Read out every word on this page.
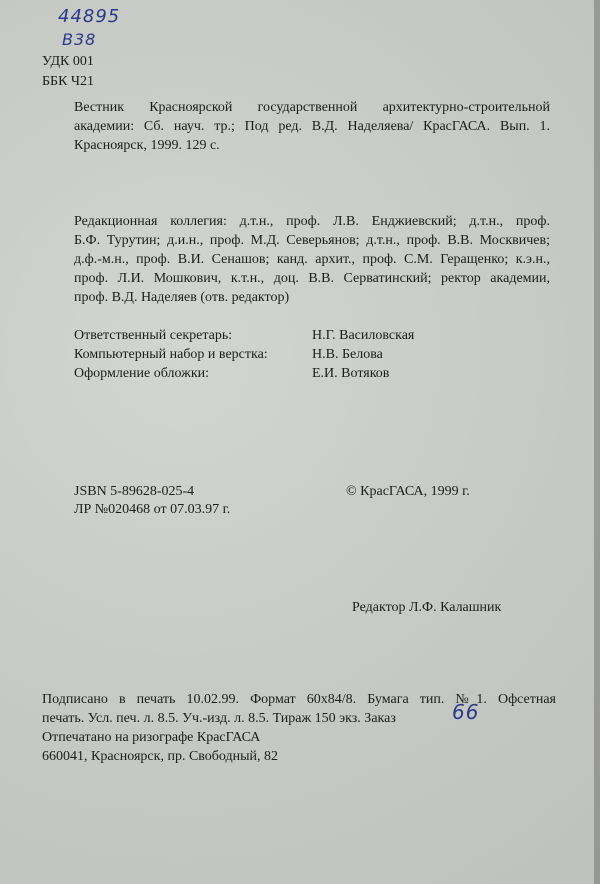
44895
B38
УДК 001
ББК Ч21
Вестник Красноярской государственной архитектурно-строительной
академии: Сб. науч. тр.; Под ред. В.Д. Наделяева/ КрасГАСА. Вып. 1.
Красноярск, 1999. 129 с.
Редакционная коллегия: д.т.н., проф. Л.В. Енджиевский; д.т.н., проф.
Б.Ф. Турутин; д.и.н., проф. М.Д. Северьянов; д.т.н., проф. В.В. Москвичев;
д.ф.-м.н., проф. В.И. Сенашов; канд. архит., проф. С.М. Геращенко; к.э.н.,
проф. Л.И. Мошкович, к.т.н., доц. В.В. Серватинский; ректор академии,
проф. В.Д. Наделяев (отв. редактор)
Ответственный секретарь:	Н.Г. Василовская
Компьютерный набор и верстка:	Н.В. Белова
Оформление обложки:	Е.И. Вотяков
JSBN 5-89628-025-4
ЛР №020468 от 07.03.97 г.
© КрасГАСА, 1999 г.
Редактор Л.Ф. Калашник
Подписано в печать 10.02.99. Формат 60х84/8. Бумага тип. №1. Офсетная
печать. Усл. печ. л. 8.5. Уч.-изд. л. 8.5. Тираж 150 экз. Заказ
Отпечатано на ризографе КрасГАСА
660041, Красноярск, пр. Свободный, 82
66
